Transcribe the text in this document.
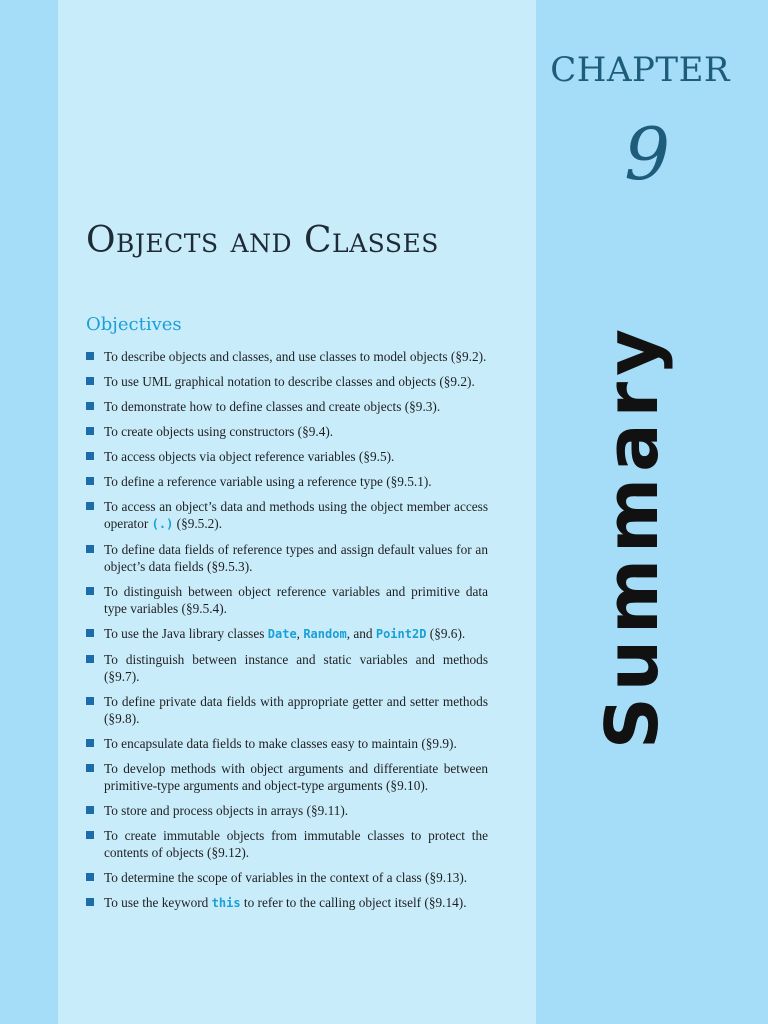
CHAPTER
9
Objects and Classes
Objectives
To describe objects and classes, and use classes to model objects (§9.2).
To use UML graphical notation to describe classes and objects (§9.2).
To demonstrate how to define classes and create objects (§9.3).
To create objects using constructors (§9.4).
To access objects via object reference variables (§9.5).
To define a reference variable using a reference type (§9.5.1).
To access an object’s data and methods using the object member access operator (.) (§9.5.2).
To define data fields of reference types and assign default values for an object’s data fields (§9.5.3).
To distinguish between object reference variables and primitive data type variables (§9.5.4).
To use the Java library classes Date, Random, and Point2D (§9.6).
To distinguish between instance and static variables and methods (§9.7).
To define private data fields with appropriate getter and setter methods (§9.8).
To encapsulate data fields to make classes easy to maintain (§9.9).
To develop methods with object arguments and differentiate between primitive-type arguments and object-type arguments (§9.10).
To store and process objects in arrays (§9.11).
To create immutable objects from immutable classes to protect the contents of objects (§9.12).
To determine the scope of variables in the context of a class (§9.13).
To use the keyword this to refer to the calling object itself (§9.14).
Summary
